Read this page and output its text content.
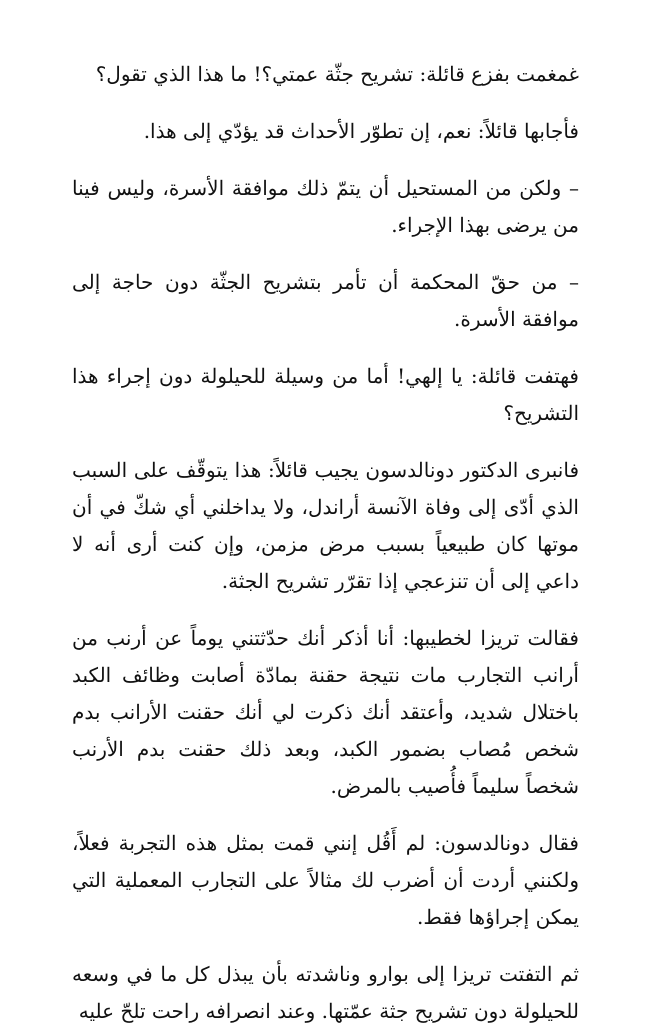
غمغمت بفزع قائلة: تشريح جثّة عمتي؟! ما هذا الذي تقول؟

فأجابها قائلاً: نعم، إن تطوّر الأحداث قد يؤدّي إلى هذا.

– ولكن من المستحيل أن يتمّ ذلك موافقة الأسرة، وليس فينا من يرضى بهذا الإجراء.

– من حقّ المحكمة أن تأمر بتشريح الجثّة دون حاجة إلى موافقة الأسرة.

فهتفت قائلة: يا إلهي! أما من وسيلة للحيلولة دون إجراء هذا التشريح؟

فانبرى الدكتور دونالدسون يجيب قائلاً: هذا يتوقّف على السبب الذي أدّى إلى وفاة الآنسة أراندل، ولا يداخلني أي شكّ في أن موتها كان طبيعياً بسبب مرض مزمن، وإن كنت أرى أنه لا داعي إلى أن تنزعجي إذا تقرّر تشريح الجثة.

فقالت تريزا لخطيبها: أنا أذكر أنك حدّثتني يوماً عن أرنب من أرانب التجارب مات نتيجة حقنة بمادّة أصابت وظائف الكبد باختلال شديد، وأعتقد أنك ذكرت لي أنك حقنت الأرانب بدم شخص مُصاب بضمور الكبد، وبعد ذلك حقنت بدم الأرنب شخصاً سليماً فأُصيب بالمرض.

فقال دونالدسون: لم أَقُل إنني قمت بمثل هذه التجربة فعلاً، ولكنني أردت أن أضرب لك مثالاً على التجارب المعملية التي يمكن إجراؤها فقط.

ثم التفتت تريزا إلى بوارو وناشدته بأن يبذل كل ما في وسعه للحيلولة دون تشريح جثة عمّتها. وعند انصرافه راحت تلحّ عليه
